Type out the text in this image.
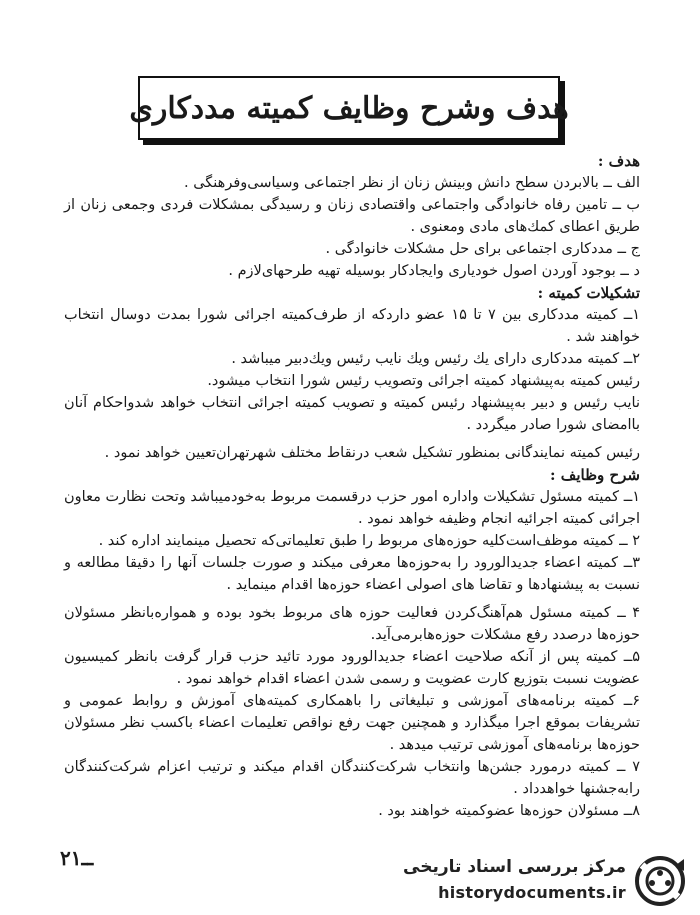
هدف وشرح وظايف كميته مددكارى

هدف :

الف ــ بالابردن سطح دانش وبينش زنان از نظر اجتماعى وسياسى‌وفرهنگى .

ب ــ تامين رفاه خانوادگى واجتماعى واقتصادى زنان و رسيدگى بمشكلات فردى وجمعى زنان از طريق اعطاى كمك‌هاى مادى ومعنوى .

ج ــ مددكارى اجتماعى براى حل مشكلات خانوادگى .

د ــ بوجود آوردن اصول خوديارى وايجادكار بوسيله تهيه طرحهاى‌لازم .

تشكيلات كميته :

۱ــ كميته مددكارى بين ۷ تا ۱۵ عضو داردكه از طرف‌كميته اجرائى شورا بمدت دوسال انتخاب خواهند شد .

۲ــ كميته مددكارى داراى يك رئيس ويك نايب رئيس ويك‌دبير ميباشد .

رئيس كميته به‌پيشنهاد كميته اجرائى وتصويب رئيس شورا انتخاب ميشود.

نايب رئيس و دبير به‌پيشنهاد رئيس كميته و تصويب كميته اجرائى انتخاب خواهد شدواحكام آنان باامضاى شورا صادر ميگردد .

رئيس كميته نمايندگانى بمنظور تشكيل شعب درنقاط مختلف شهرتهران‌تعيين خواهد نمود .

شرح وظايف :

۱ــ كميته مسئول تشكيلات واداره امور حزب درقسمت مربوط به‌خودميباشد وتحت نظارت معاون اجرائى كميته اجرائيه انجام وظيفه خواهد نمود .

۲ ــ كميته موظف‌است‌كليه حوزه‌هاى مربوط را طبق تعليماتى‌كه تحصيل مينمايند اداره كند .

۳ــ كميته اعضاء جديدالورود را به‌حوزه‌ها معرفى ميكند و صورت جلسات آنها را دقيقا مطالعه و نسبت به پيشنهادها و تقاضا هاى اصولى اعضاء حوزه‌ها اقدام مينمايد .

۴ ــ كميته مسئول هم‌آهنگ‌كردن فعاليت حوزه هاى مربوط بخود بوده و همواره‌با‌نظر مسئولان حوزه‌ها درصدد رفع مشكلات حوزه‌هابرمى‌آيد.

۵ــ كميته پس از آنكه صلاحيت اعضاء جديدالورود مورد تائيد حزب قرار گرفت بانظر كميسيون عضويت نسبت بتوزيع كارت عضويت و رسمى شدن اعضاء اقدام خواهد نمود .

۶ــ كميته برنامه‌هاى آموزشى و تبليغاتى را باهمكارى كميته‌هاى آموزش و روابط عمومى و تشريفات بموقع اجرا ميگذارد و همچنين جهت رفع نواقص تعليمات اعضاء باكسب نظر مسئولان حوزه‌ها برنامه‌هاى آموزشى ترتيب ميدهد .

۷ ــ كميته درمورد جشن‌ها وانتخاب شركت‌كنندگان اقدام ميكند و ترتيب اعزام شركت‌كنندگان رابه‌جشنها خواهدداد .

۸ــ مسئولان حوزه‌ها عضوكميته خواهند بود .

ــ۲۱	مركز بررسى اسناد تاريخى
historydocuments.ir
